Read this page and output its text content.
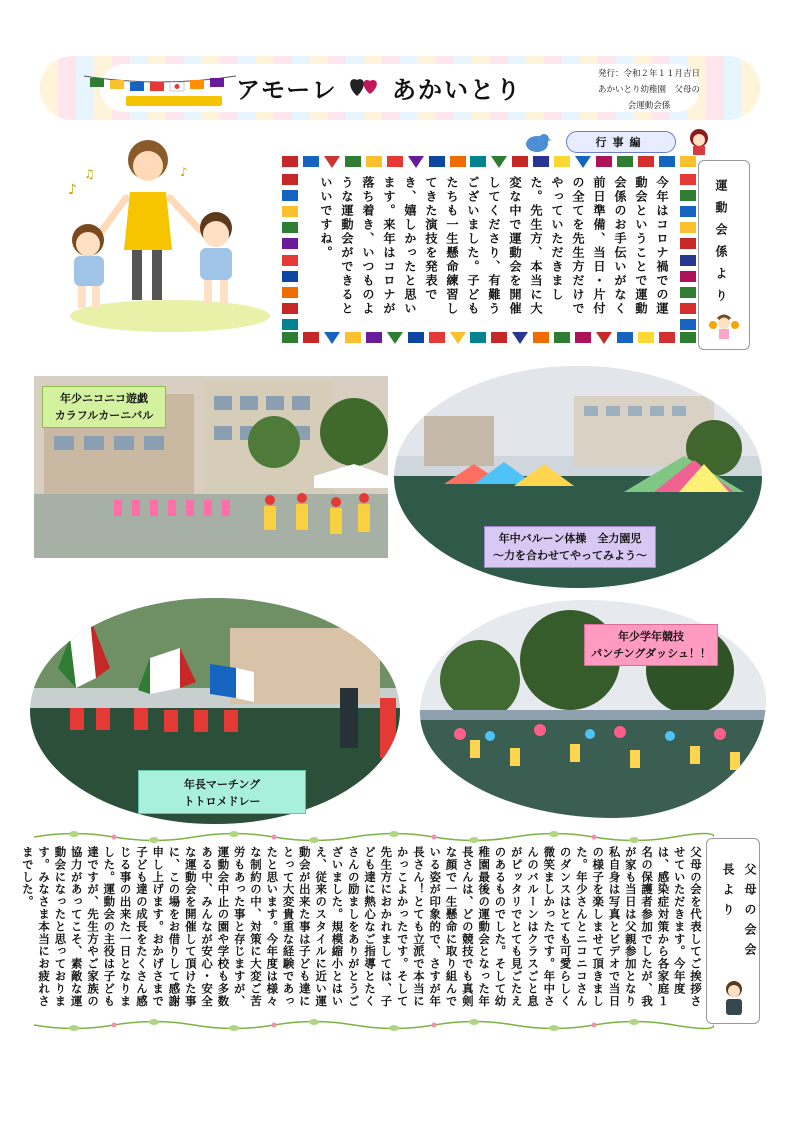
アモーレ あかいとり
発行：令和２年１１月吉日
あかいとり幼稚園　父母の
会運動会係
♪
♫	♪
行事編
今年はコロナ禍での運動会ということで運動会係のお手伝いがなく前日準備、当日・片付の全てを先生方だけでやっていただきました。先生方、本当に大変な中で運動会を開催してくださり、有難うございました。子どもたちも一生懸命練習してきた演技を発表でき、嬉しかったと思います。来年はコロナが落ち着き、いつものような運動会ができるといいですね。	運動会係より
年少ニコニコ遊戯
カラフルカーニバル
年中バルーン体操　全力園児
〜力を合わせてやってみよう〜
年少学年競技
パンチングダッシュ！！
年長マーチング
トトロメドレー
父母の会を代表してご挨拶させていただきます。今年度は、感染症対策から各家庭１名の保護者参加でしたが、我が家も当日は父親参加となり私自身は写真とビデオで当日の様子を楽しませて頂きました。年少さんとニコニコさんのダンスはとても可愛らしく微笑ましかったです。年中さんのバルーンはクラスごと息がピッタリでとても見ごたえのあるものでした。そして幼稚園最後の運動会となった年長さんは、どの競技でも真剣な顔で一生懸命に取り組んでいる姿が印象的で、さすが年長さん！とても立派で本当にかっこよかったです。そして先生方におかれましては、子ども達に熱心なご指導とたくさんの励ましをありがとうございました。規模縮小とはいえ、従来のスタイルに近い運動会が出来た事は子ども達にとって大変貴重な経験であったと思います。今年度は様々な制約の中、対策に大変ご苦労もあった事と存じますが、運動会中止の園や学校も多数ある中、みんなが安心・安全な運動会を開催して頂けた事に、この場をお借りして感謝申し上げます。おかげさまで子ども達の成長をたくさん感じる事の出来た一日となりました。運動会の主役は子ども達ですが、先生方やご家族の協力があってこそ、素敵な運動会になったと思っております。みなさま本当にお疲れさまでした。	父母の会会長より
